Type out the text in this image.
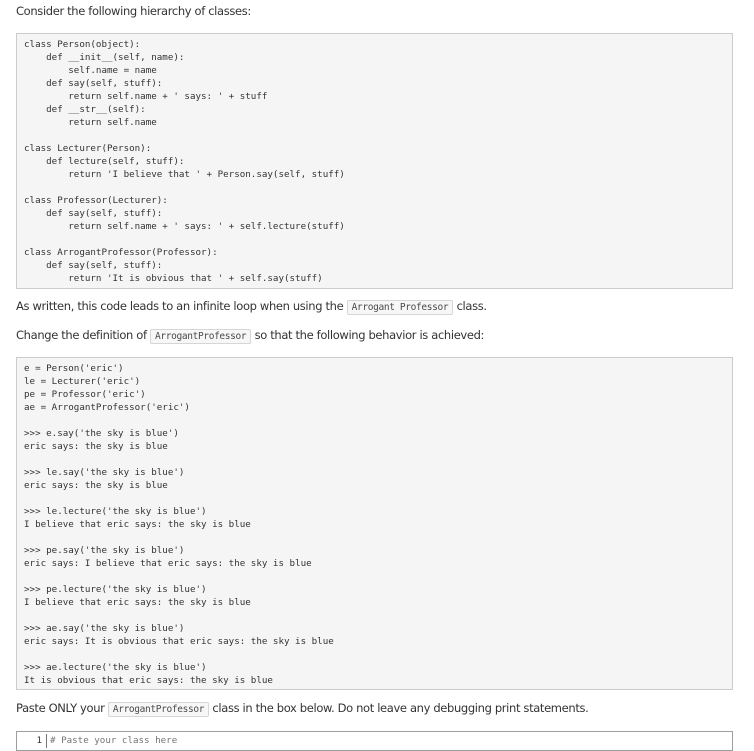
Consider the following hierarchy of classes:
class Person(object):
def __init__(self, name):
self.name = name
def say(self, stuff):
return self.name + ' says: ' + stuff
def __str__(self):
return self.name

class Lecturer(Person):
def lecture(self, stuff):
return 'I believe that ' + Person.say(self, stuff)

class Professor(Lecturer):
def say(self, stuff):
return self.name + ' says: ' + self.lecture(stuff)

class ArrogantProfessor(Professor):
def say(self, stuff):
return 'It is obvious that ' + self.say(stuff)
As written, this code leads to an infinite loop when using the Arrogant Professor class.
Change the definition of ArrogantProfessor so that the following behavior is achieved:
e = Person('eric')
le = Lecturer('eric')
pe = Professor('eric')
ae = ArrogantProfessor('eric')

>>> e.say('the sky is blue')
eric says: the sky is blue

>>> le.say('the sky is blue')
eric says: the sky is blue

>>> le.lecture('the sky is blue')
I believe that eric says: the sky is blue

>>> pe.say('the sky is blue')
eric says: I believe that eric says: the sky is blue

>>> pe.lecture('the sky is blue')
I believe that eric says: the sky is blue

>>> ae.say('the sky is blue')
eric says: It is obvious that eric says: the sky is blue

>>> ae.lecture('the sky is blue')
It is obvious that eric says: the sky is blue
Paste ONLY your ArrogantProfessor class in the box below. Do not leave any debugging print statements.
1
# Paste your class here
